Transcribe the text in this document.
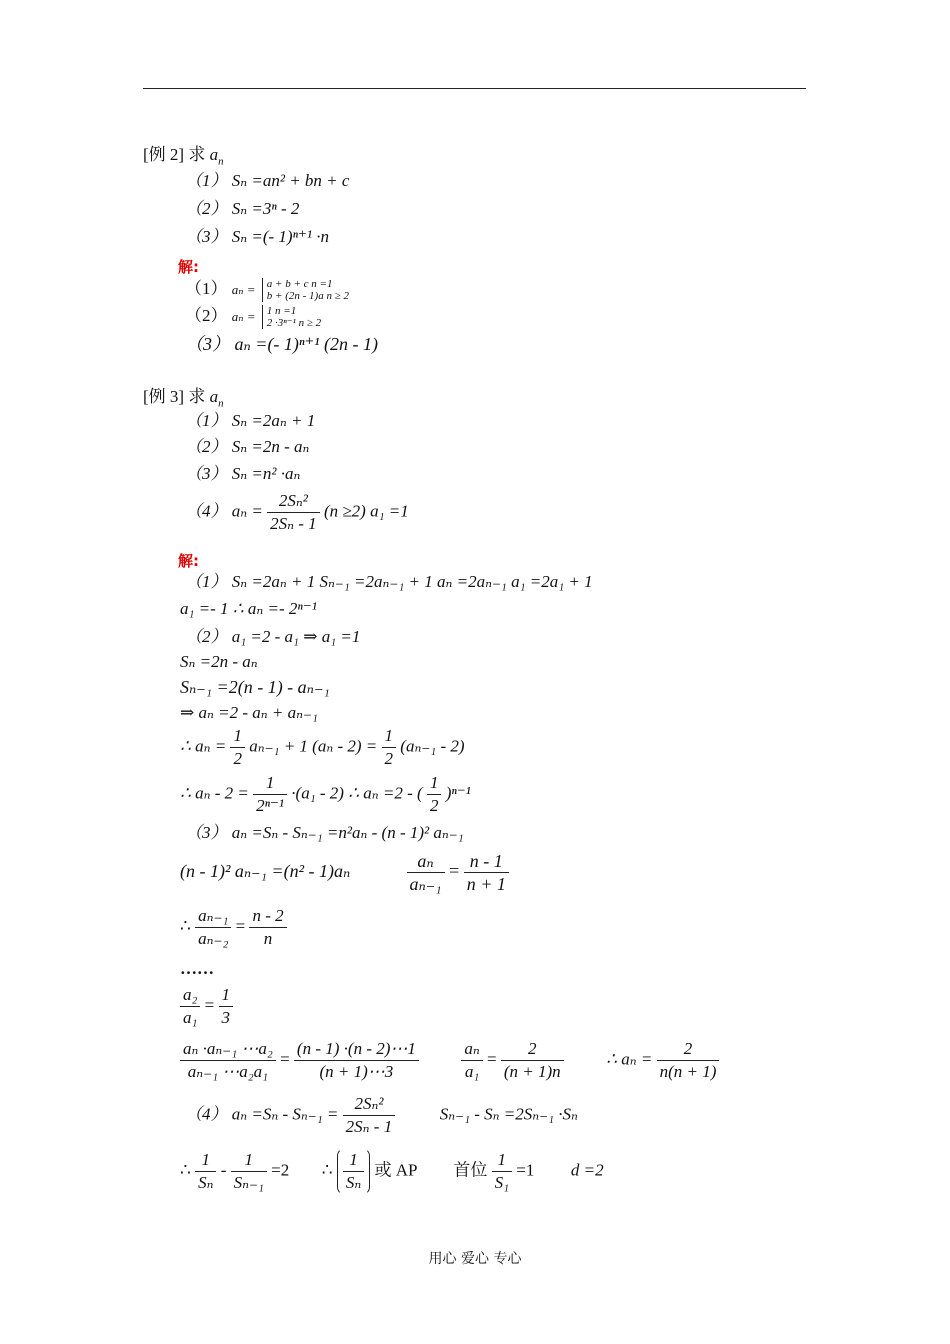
[例 2] 求 $a_n$
（1） Sₙ =an² + bn + c
（2） Sₙ =3ⁿ - 2
（3） Sₙ =(- 1)ⁿ⁺¹ ·n
解:
（1） aₙ = a + b + c n =1
b + (2n - 1)a n ≥ 2
（2） aₙ = 1 n =1
2 ·3ⁿ⁻¹ n ≥ 2
（3） aₙ =(- 1)ⁿ⁺¹ (2n - 1)
[例 3] 求 $a_n$
（1） Sₙ =2aₙ + 1
（2） Sₙ =2n - aₙ
（3） Sₙ =n² ·aₙ
（4） $a_n = \frac{\text{2Sₙ²}}{\text{2Sₙ - 1}} (n \ge 2)$ a₁ =1
解:
（1） Sₙ =2aₙ + 1 Sₙ₋₁ =2aₙ₋₁ + 1 aₙ =2aₙ₋₁ a₁ =2a₁ + 1
a₁ =- 1 ∴ aₙ =- 2ⁿ⁻¹
（2） a₁ =2 - a₁ ⇒ a₁ =1
Sₙ =2n - aₙ
Sₙ₋₁ =2(n - 1) - aₙ₋₁
⇒ aₙ =2 - aₙ + aₙ₋₁
∴ $a_n = \frac{1}{2} a_{n-1} + 1$ $(a_n - 2) = \frac{1}{2} (a_{n-1} - 2)$
∴ $a_n - 2 = \frac{1}{\text{2ⁿ⁻¹}} \cdot(a_1 - 2)$ ∴ aₙ =2 - ( $\frac{1}{2} )^{n-1}$
（3） aₙ =Sₙ - Sₙ₋₁ =n²aₙ - (n - 1)² aₙ₋₁
(n - 1)² aₙ₋₁ =(n² - 1)aₙ	$\frac{\text{aₙ}}{\text{aₙ₋₁}} = \frac{n - 1}{n + 1}$
∴ $\frac{\text{aₙ₋₁}}{\text{aₙ₋₂}} = \frac{n - 2}{n}$
……
$\frac{\text{a₂}}{\text{a₁}} = \frac{1}{3}$
$\frac{\text{aₙ ·aₙ₋₁ ⋯a₂}}{\text{aₙ₋₁ ⋯a₂a₁}} = \frac{(n - 1) \cdot(n - 2)\cdots 1}{(n + 1)\cdots 3}$
	$\frac{\text{aₙ}}{\text{a₁}} = \frac{2}{(n + 1)n}$	∴ $a_n = \frac{2}{n(n + 1)}$
（4） $a_n =S_n - S_{n-1} = \frac{\text{2Sₙ²}}{\text{2Sₙ - 1}}$	Sₙ₋₁ - Sₙ =2Sₙ₋₁ ·Sₙ
∴ $\frac{1}{\text{Sₙ}} - \frac{1}{\text{Sₙ₋₁}} =2$ ∴ $\frac{1}{\text{Sₙ}}$ 或 AP 首位 $\frac{1}{\text{S₁}} =1$ d =2
用心 爱心 专心
